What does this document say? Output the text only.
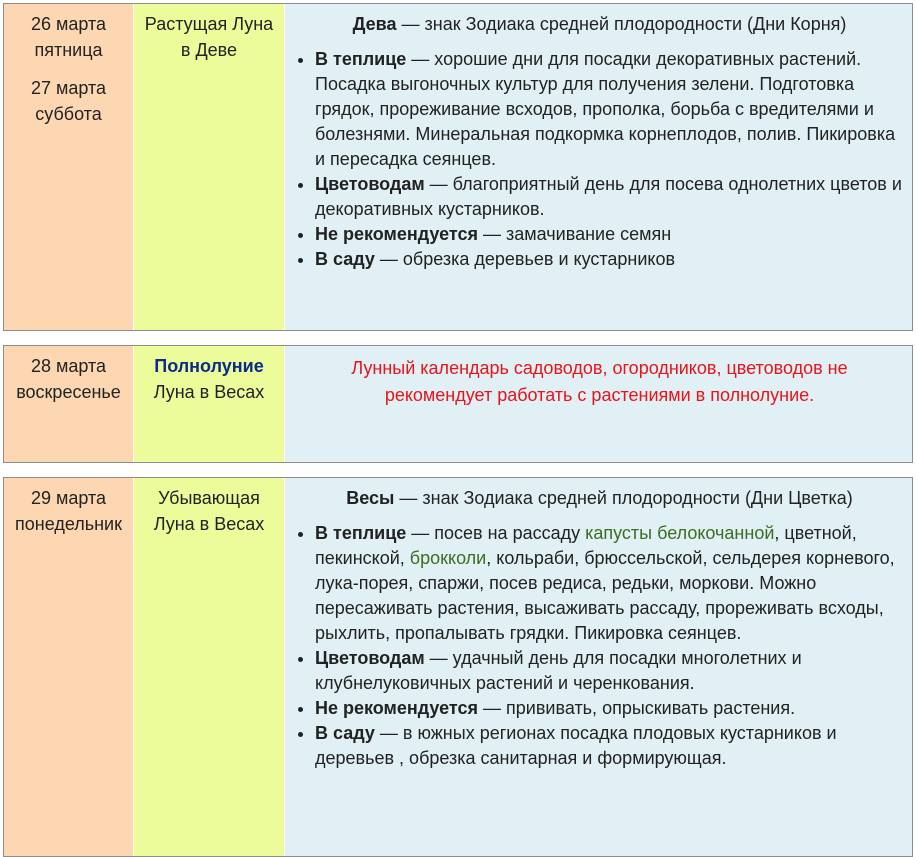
26 марта
пятница
27 марта
суббота
Растущая Луна
в Деве
Дева — знак Зодиака средней плодородности (Дни Корня)
• В теплице — хорошие дни для посадки декоративных растений. Посадка выгоночных культур для получения зелени. Подготовка грядок, прореживание всходов, прополка, борьба с вредителями и болезнями. Минеральная подкормка корнеплодов, полив. Пикировка и пересадка сеянцев.
• Цветоводам — благоприятный день для посева однолетних цветов и декоративных кустарников.
• Не рекомендуется — замачивание семян
• В саду — обрезка деревьев и кустарников
28 марта
воскресенье
Полнолуние
Луна в Весах
Лунный календарь садоводов, огородников, цветоводов не рекомендует работать с растениями в полнолуние.
29 марта
понедельник
Убывающая
Луна в Весах
Весы — знак Зодиака средней плодородности (Дни Цветка)
• В теплице — посев на рассаду капусты белокочанной, цветной, пекинской, брокколи, кольраби, брюссельской, сельдерея корневого, лука-порея, спаржи, посев редиса, редьки, моркови. Можно пересаживать растения, высаживать рассаду, прореживать всходы, рыхлить, пропалывать грядки. Пикировка сеянцев.
• Цветоводам — удачный день для посадки многолетних и клубнелуковичных растений и черенкования.
• Не рекомендуется — прививать, опрыскивать растения.
• В саду — в южных регионах посадка плодовых кустарников и деревьев , обрезка санитарная и формирующая.
